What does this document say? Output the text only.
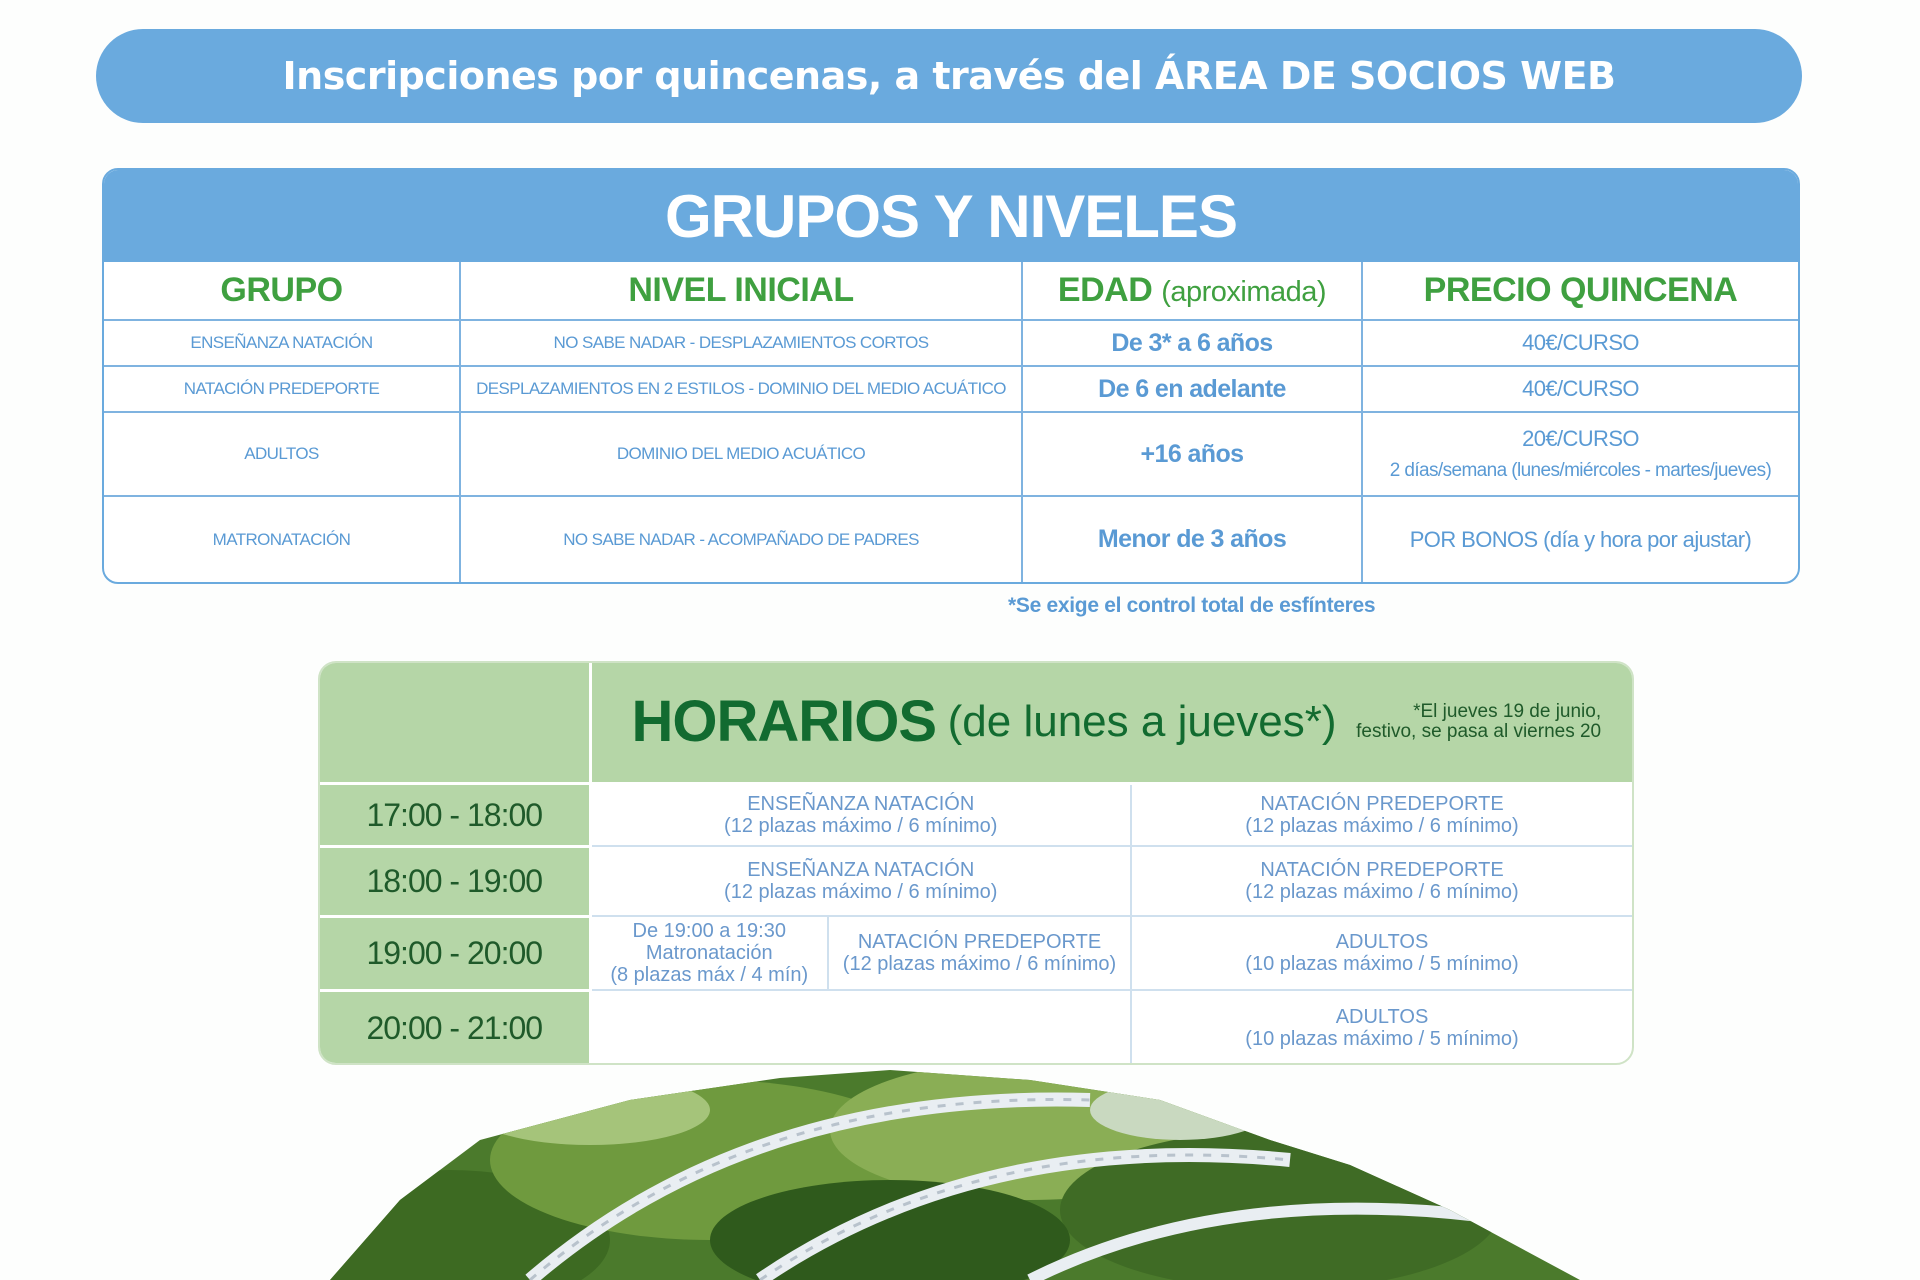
Inscripciones por quincenas, a través del ÁREA DE SOCIOS WEB
GRUPOS Y NIVELES
GRUPO	NIVEL INICIAL	EDAD (aproximada)	PRECIO QUINCENA
ENSEÑANZA NATACIÓN	NO SABE NADAR - DESPLAZAMIENTOS CORTOS	De 3* a 6 años	40€/CURSO
NATACIÓN PREDEPORTE	DESPLAZAMIENTOS EN 2 ESTILOS - DOMINIO DEL MEDIO ACUÁTICO	De 6 en adelante	40€/CURSO
ADULTOS	DOMINIO DEL MEDIO ACUÁTICO	+16 años	20€/CURSO
2 días/semana (lunes/miércoles - martes/jueves)

MATRONATACIÓN	NO SABE NADAR - ACOMPAÑADO DE PADRES	Menor de 3 años	POR BONOS (día y hora por ajustar)
*Se exige el control total de esfínteres
	HORARIOS (de lunes a jueves*) *El jueves 19 de junio,
festivo, se pasa al viernes 20		

17:00 - 18:00	ENSEÑANZA NATACIÓN
(12 plazas máximo / 6 mínimo)		NATACIÓN PREDEPORTE
(12 plazas máximo / 6 mínimo)

18:00 - 19:00	ENSEÑANZA NATACIÓN
(12 plazas máximo / 6 mínimo)		NATACIÓN PREDEPORTE
(12 plazas máximo / 6 mínimo)

19:00 - 20:00	De 19:00 a 19:30
Matronatación
(8 plazas máx / 4 mín)	NATACIÓN PREDEPORTE
(12 plazas máximo / 6 mínimo)	ADULTOS
(10 plazas máximo / 5 mínimo)

20:00 - 21:00			ADULTOS
(10 plazas máximo / 5 mínimo)
